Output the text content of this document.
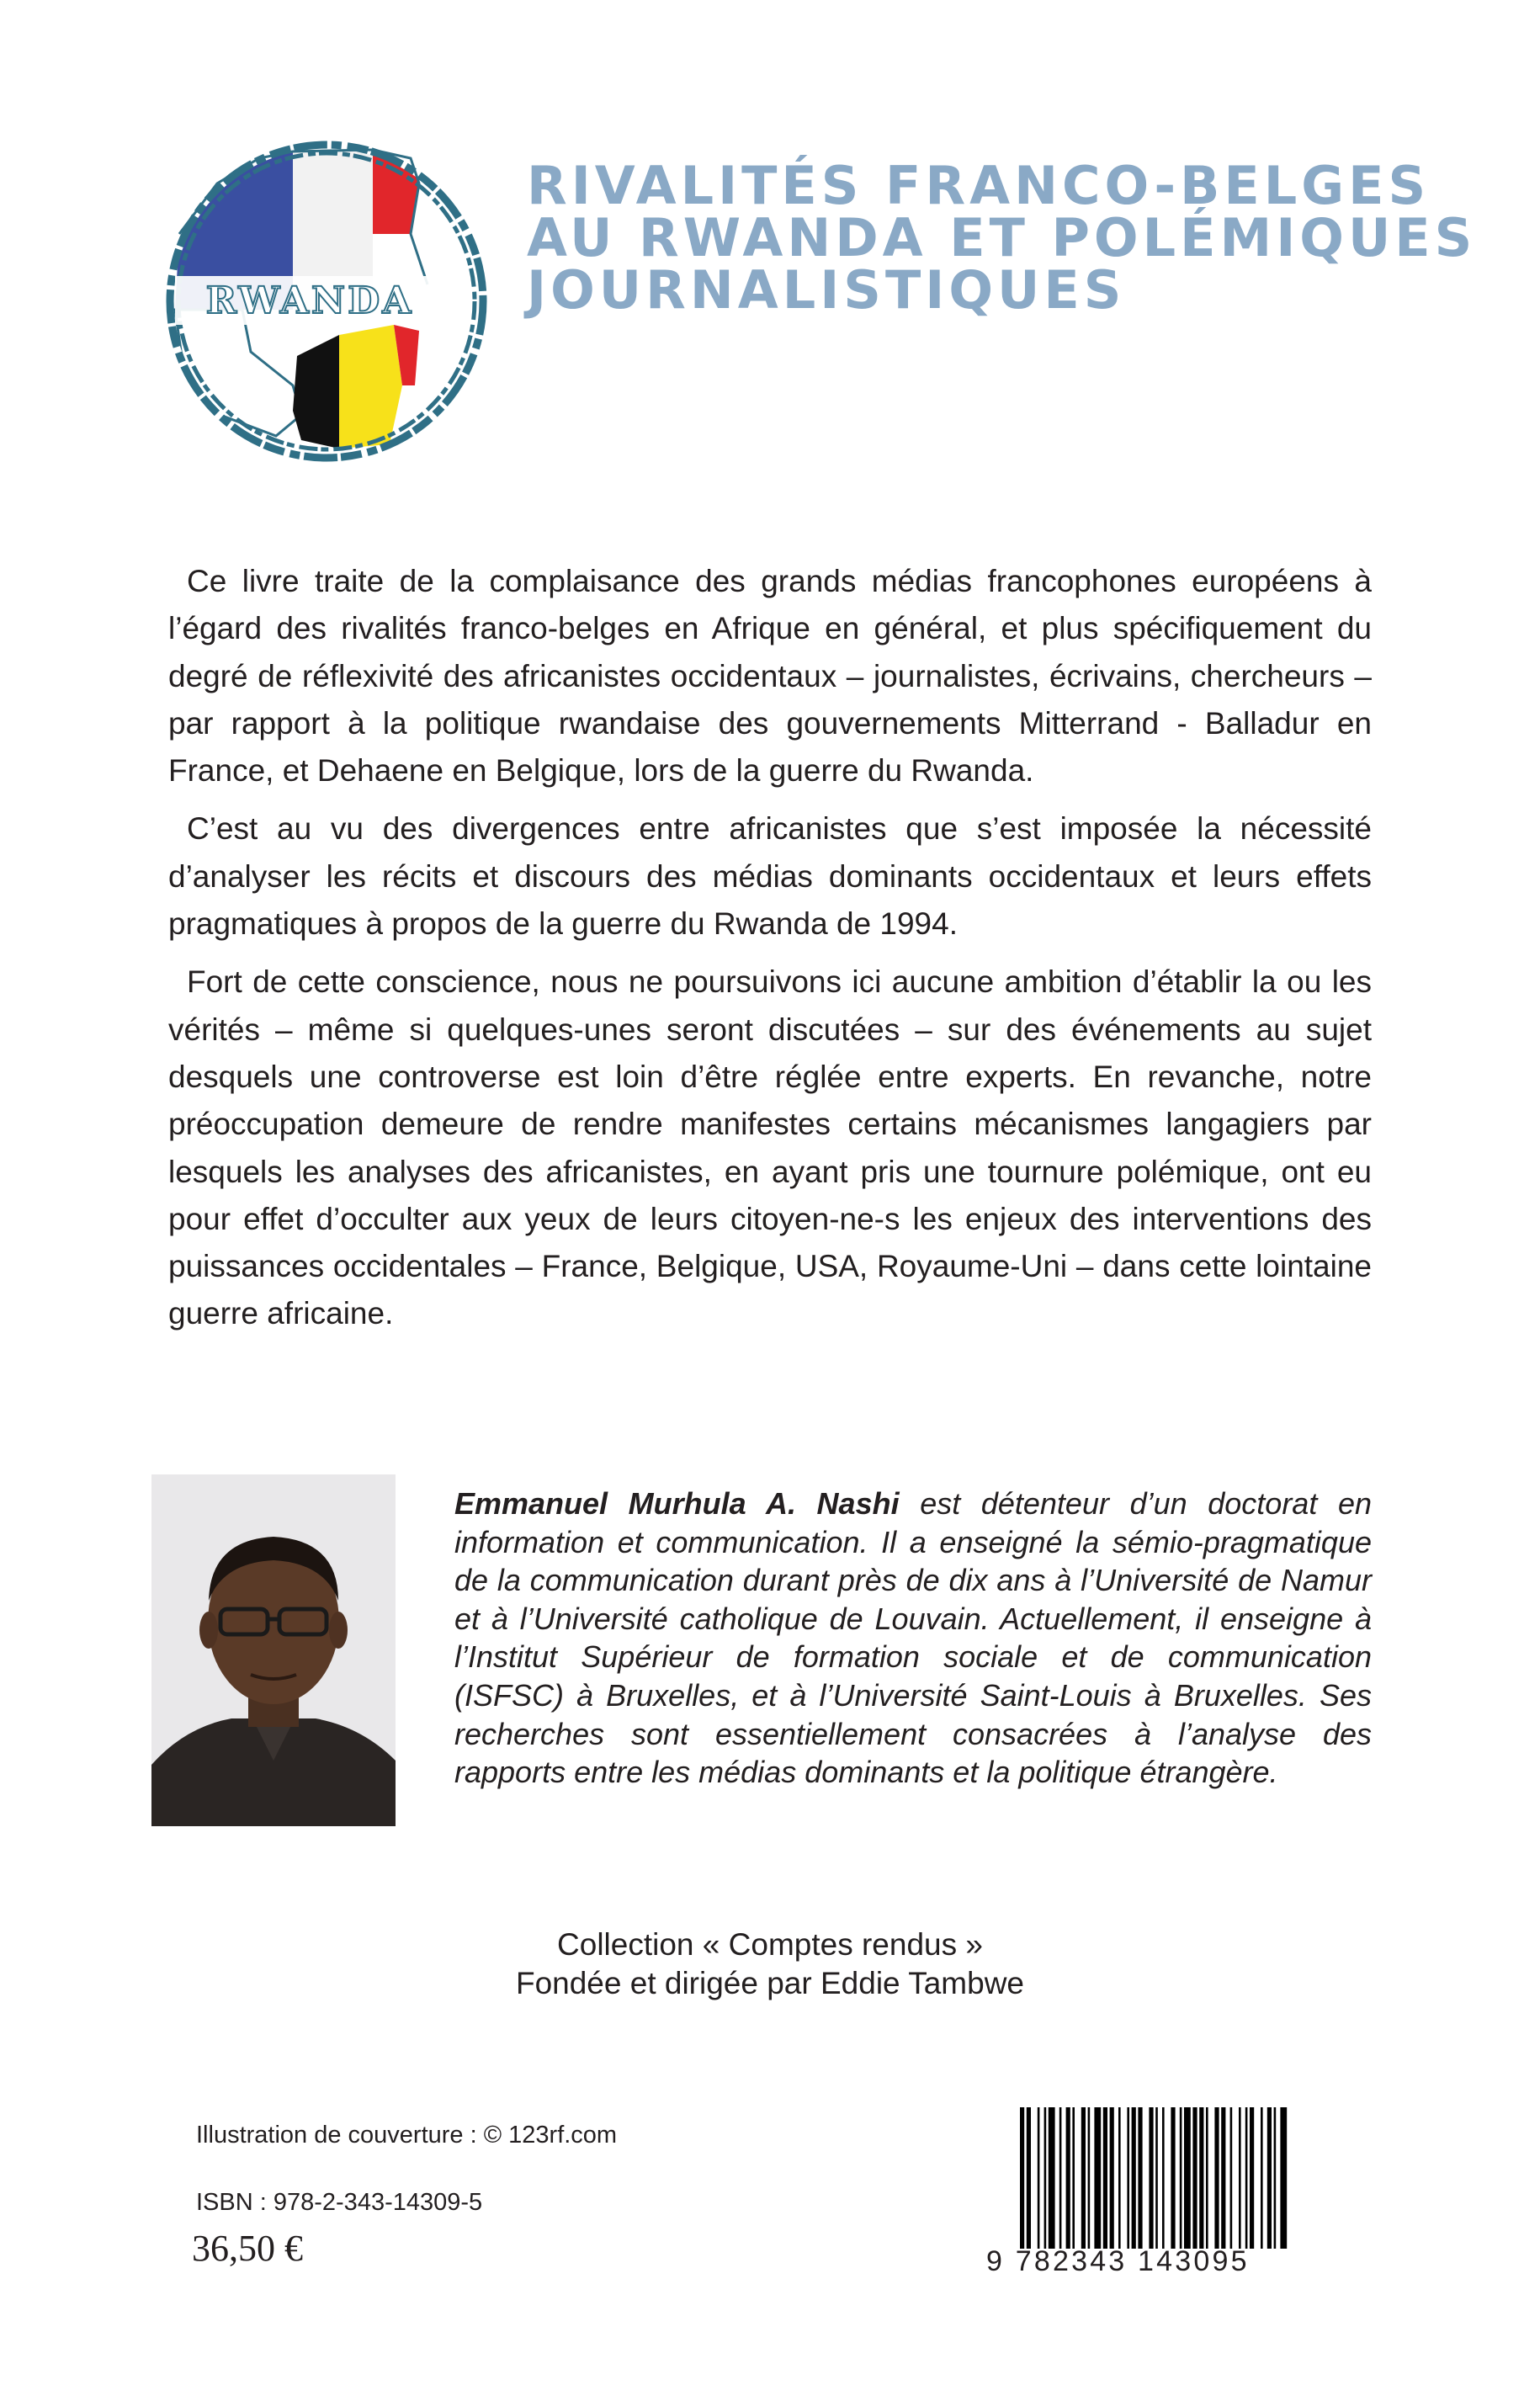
RWANDA
RIVALITÉS FRANCO-BELGES
AU RWANDA ET POLÉMIQUES
JOURNALISTIQUES

Ce livre traite de la complaisance des grands médias francophones européens à l’égard des rivalités franco-belges en Afrique en général, et plus spécifiquement du degré de réflexivité des africanistes occidentaux – journalistes, écrivains, chercheurs – par rapport à la politique rwandaise des gouvernements Mitterrand - Balladur en France, et Dehaene en Belgique, lors de la guerre du Rwanda.

C’est au vu des divergences entre africanistes que s’est imposée la nécessité d’analyser les récits et discours des médias dominants occidentaux et leurs effets pragmatiques à propos de la guerre du Rwanda de 1994.

Fort de cette conscience, nous ne poursuivons ici aucune ambition d’établir la ou les vérités – même si quelques-unes seront discutées – sur des événements au sujet desquels une controverse est loin d’être réglée entre experts. En revanche, notre préoccupation demeure de rendre manifestes certains mécanismes langagiers par lesquels les analyses des africanistes, en ayant pris une tournure polémique, ont eu pour effet d’occulter aux yeux de leurs citoyen-ne-s les enjeux des interventions des puissances occidentales – France, Belgique, USA, Royaume-Uni – dans cette lointaine guerre africaine.

Emmanuel Murhula A. Nashi est détenteur d’un doctorat en information et communication. Il a enseigné la sémio-pragmatique de la communication durant près de dix ans à l’Université de Namur et à l’Université catholique de Louvain. Actuellement, il enseigne à l’Institut Supérieur de formation sociale et de communication (ISFSC) à Bruxelles, et à l’Université Saint-Louis à Bruxelles. Ses recherches sont essentiellement consacrées à l’analyse des rapports entre les médias dominants et la politique étrangère.
Collection « Comptes rendus »
Fondée et dirigée par Eddie Tambwe
Illustration de couverture : © 123rf.com
ISBN : 978-2-343-14309-5
36,50 €	9 782343 143095
